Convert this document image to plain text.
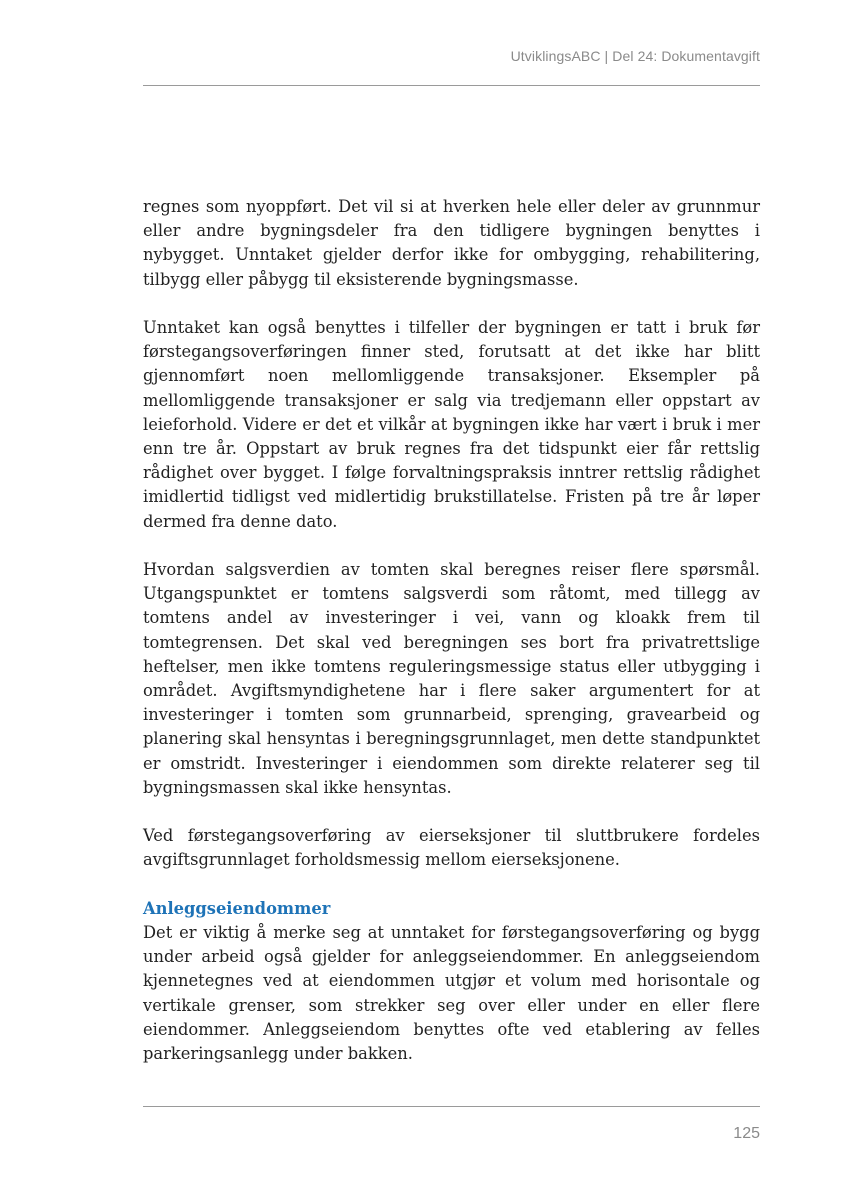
UtviklingsABC | Del 24: Dokumentavgift

regnes som nyoppført. Det vil si at hverken hele eller deler av grunnmur eller andre bygningsdeler fra den tidligere bygningen benyttes i nybygget. Unntaket gjelder derfor ikke for ombygging, rehabilitering, tilbygg eller påbygg til eksisterende bygningsmasse.

Unntaket kan også benyttes i tilfeller der bygningen er tatt i bruk før førstegangsoverføringen finner sted, forutsatt at det ikke har blitt gjennomført noen mellomliggende transaksjoner. Eksempler på mellomliggende transaksjoner er salg via tredjemann eller oppstart av leieforhold. Videre er det et vilkår at bygningen ikke har vært i bruk i mer enn tre år. Oppstart av bruk regnes fra det tidspunkt eier får rettslig rådighet over bygget. I følge forvaltningspraksis inntrer rettslig rådighet imidlertid tidligst ved midlertidig brukstillatelse. Fristen på tre år løper dermed fra denne dato.

Hvordan salgsverdien av tomten skal beregnes reiser flere spørsmål. Utgangspunktet er tomtens salgsverdi som råtomt, med tillegg av tomtens andel av investeringer i vei, vann og kloakk frem til tomtegrensen. Det skal ved beregningen ses bort fra privatrettslige heftelser, men ikke tomtens reguleringsmessige status eller utbygging i området. Avgiftsmyndighetene har i flere saker argumentert for at investeringer i tomten som grunnarbeid, sprenging, gravearbeid og planering skal hensyntas i beregningsgrunnlaget, men dette standpunktet er omstridt. Investeringer i eiendommen som direkte relaterer seg til bygningsmassen skal ikke hensyntas.

Ved førstegangsoverføring av eierseksjoner til sluttbrukere fordeles avgiftsgrunnlaget forholdsmessig mellom eierseksjonene.

Anleggseiendommer

Det er viktig å merke seg at unntaket for førstegangsoverføring og bygg under arbeid også gjelder for anleggseiendommer. En anleggseiendom kjennetegnes ved at eiendommen utgjør et volum med horisontale og vertikale grenser, som strekker seg over eller under en eller flere eiendommer. Anleggseiendom benyttes ofte ved etablering av felles parkeringsanlegg under bakken.

125
